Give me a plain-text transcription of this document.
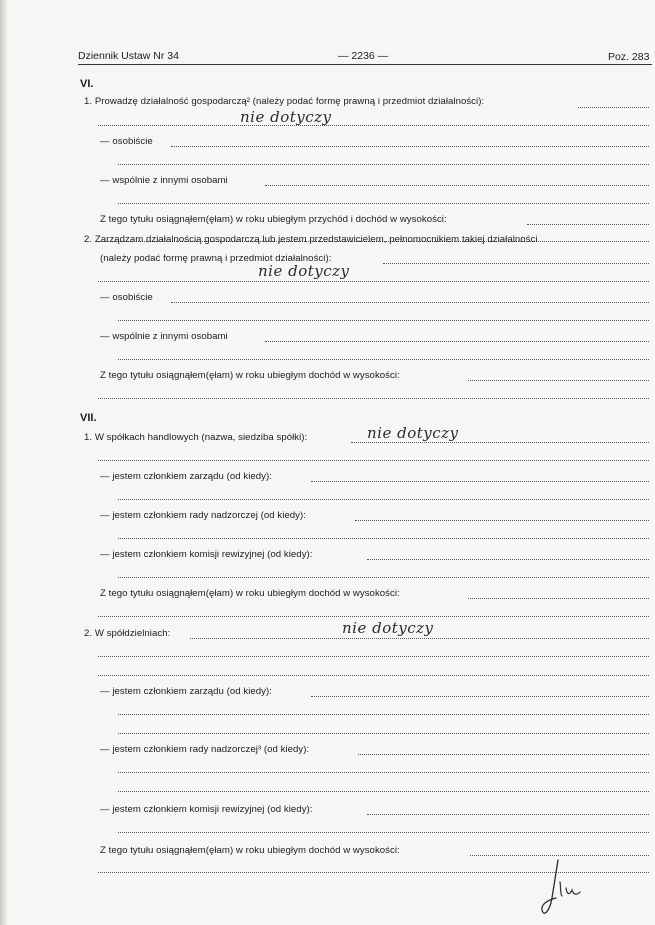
Dziennik Ustaw Nr 34	— 2236 —	Poz. 283
VI.
1. Prowadzę działalność gospodarczą² (należy podać formę prawną i przedmiot działalności):
nie dotyczy
— osobiście
— wspólnie z innymi osobami
Z tego tytułu osiągnąłem(ęłam) w roku ubiegłym przychód i dochód w wysokości:
2. Zarządzam działalnością gospodarczą lub jestem przedstawicielem, pełnomocnikiem takiej działalności
(należy podać formę prawną i przedmiot działalności):
nie dotyczy
— osobiście
— wspólnie z innymi osobami
Z tego tytułu osiągnąłem(ęłam) w roku ubiegłym dochód w wysokości:
VII.
1. W spółkach handlowych (nazwa, siedziba spółki):	nie dotyczy
— jestem członkiem zarządu (od kiedy):
— jestem członkiem rady nadzorczej (od kiedy):
— jestem członkiem komisji rewizyjnej (od kiedy):
Z tego tytułu osiągnąłem(ęłam) w roku ubiegłym dochód w wysokości:
2. W spółdzielniach:	nie dotyczy
— jestem członkiem zarządu (od kiedy):
— jestem członkiem rady nadzorczej³ (od kiedy):
— jestem członkiem komisji rewizyjnej (od kiedy):
Z tego tytułu osiągnąłem(ęłam) w roku ubiegłym dochód w wysokości:
